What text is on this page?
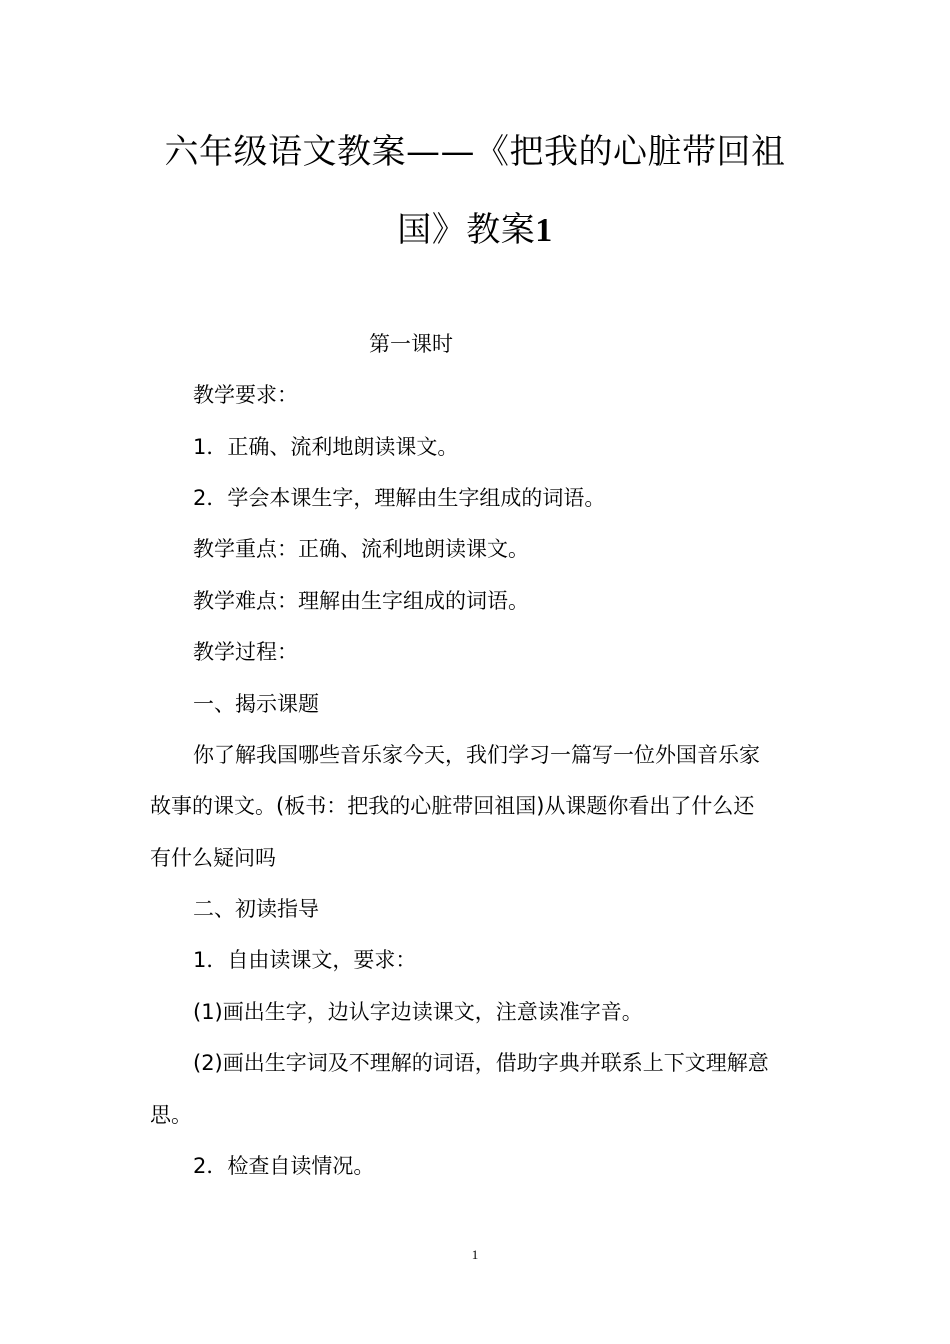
六年级语文教案——《把我的心脏带回祖
国》教案1
第一课时
教学要求：
1．正确、流利地朗读课文。
2．学会本课生字，理解由生字组成的词语。
教学重点：正确、流利地朗读课文。
教学难点：理解由生字组成的词语。
教学过程：
一、揭示课题
你了解我国哪些音乐家今天，我们学习一篇写一位外国音乐家
故事的课文。(板书：把我的心脏带回祖国)从课题你看出了什么还
有什么疑问吗
二、初读指导
1．自由读课文，要求：
(1)画出生字，边认字边读课文，注意读准字音。
(2)画出生字词及不理解的词语，借助字典并联系上下文理解意
思。
2．检查自读情况。
1
